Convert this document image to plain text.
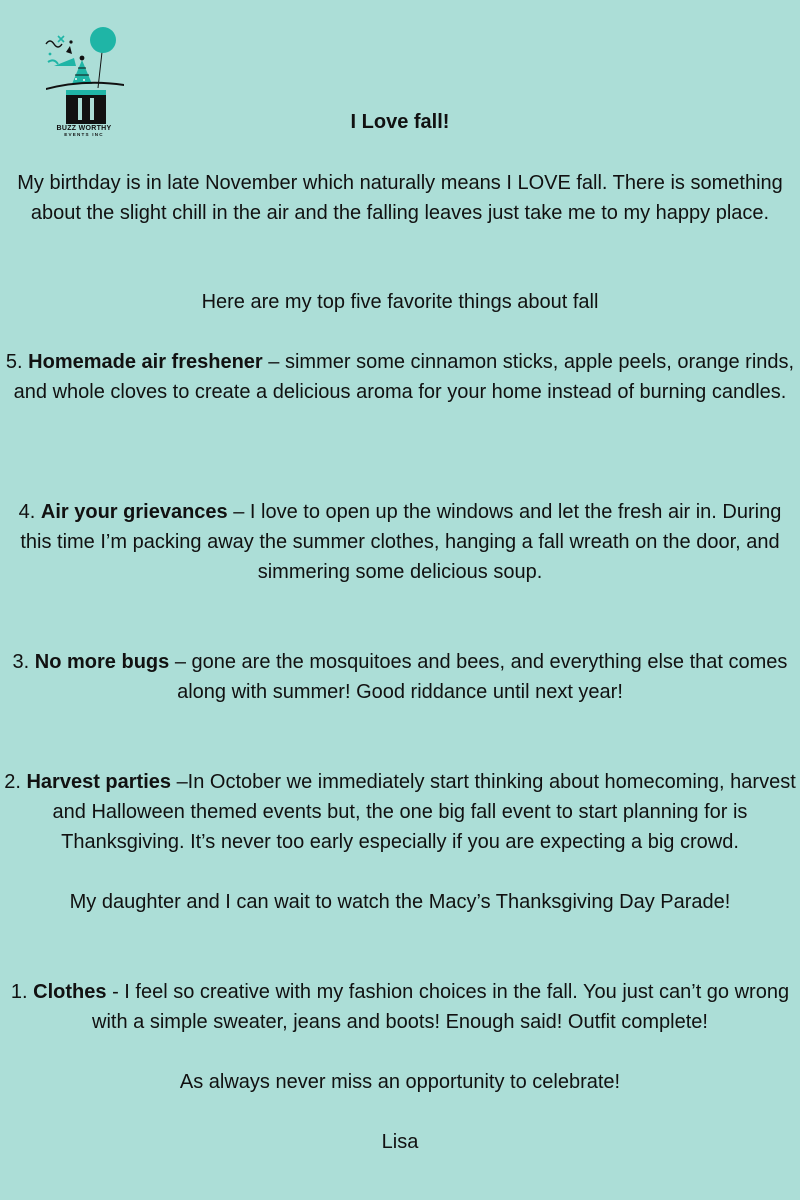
BUZZ WORTHY
EVENTS INC
I Love fall!
My birthday is in late November which naturally means I LOVE fall. There is something about the slight chill in the air and the falling leaves just take me to my happy place.
Here are my top five favorite things about fall
5. Homemade air freshener – simmer some cinnamon sticks, apple peels, orange rinds, and whole cloves to create a delicious aroma for your home instead of burning candles.
4. Air your grievances – I love to open up the windows and let the fresh air in. During this time I’m packing away the summer clothes, hanging a fall wreath on the door, and simmering some delicious soup.
3. No more bugs – gone are the mosquitoes and bees, and everything else that comes along with summer! Good riddance until next year!
2. Harvest parties –In October we immediately start thinking about homecoming, harvest and Halloween themed events but, the one big fall event to start planning for is Thanksgiving. It’s never too early especially if you are expecting a big crowd.
My daughter and I can wait to watch the Macy’s Thanksgiving Day Parade!
1. Clothes - I feel so creative with my fashion choices in the fall. You just can’t go wrong with a simple sweater, jeans and boots! Enough said! Outfit complete!
As always never miss an opportunity to celebrate!
Lisa
